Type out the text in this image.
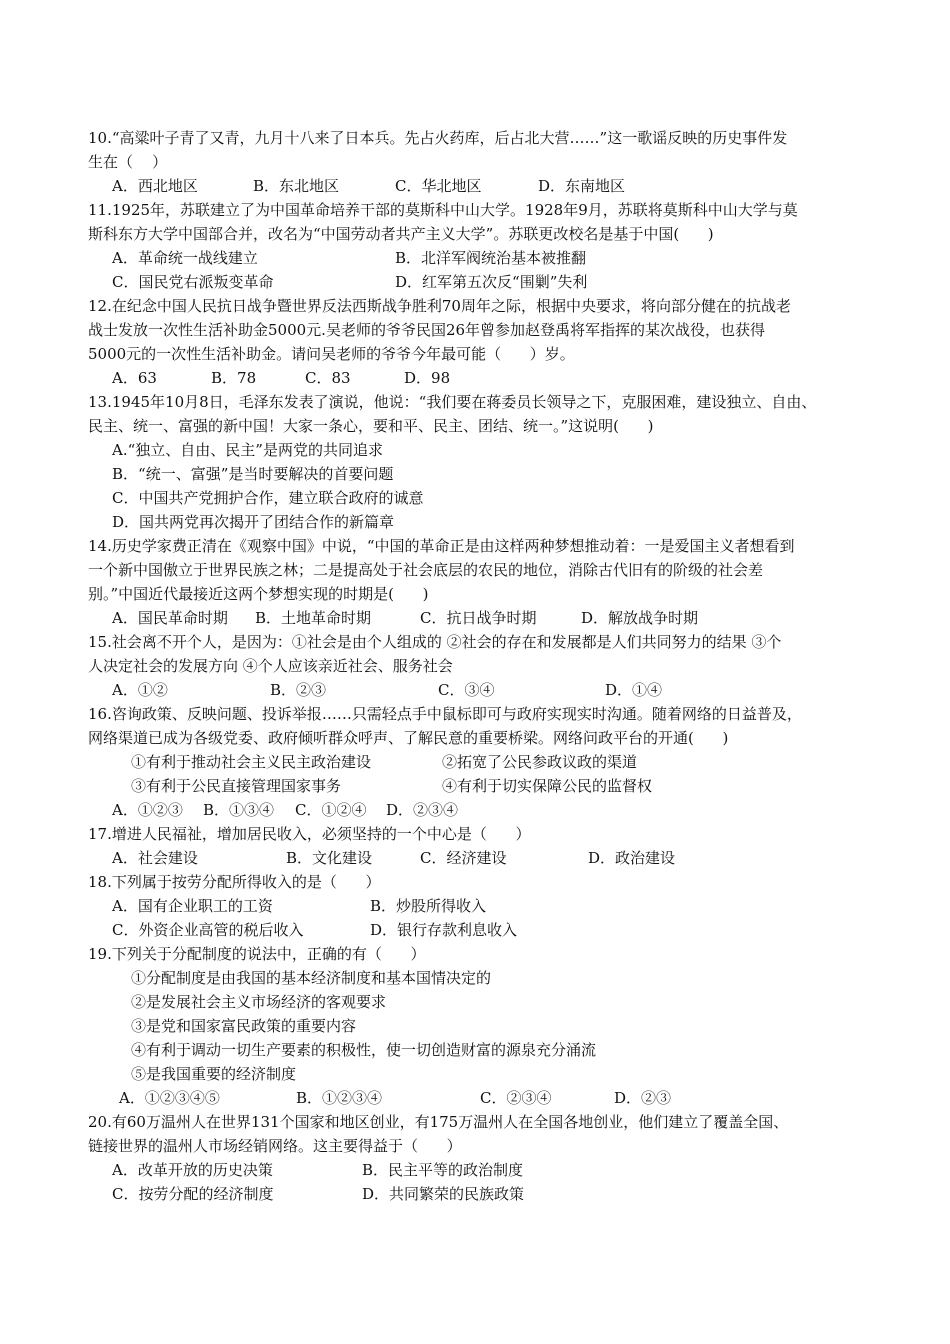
10.“高粱叶子青了又青，九月十八来了日本兵。先占火药库，后占北大营……”这一歌谣反映的历史事件发
生在（    ）
A．西北地区	B．东北地区	C．华北地区	D．东南地区
11.1925年，苏联建立了为中国革命培养干部的莫斯科中山大学。1928年9月，苏联将莫斯科中山大学与莫
斯科东方大学中国部合并，改名为“中国劳动者共产主义大学”。苏联更改校名是基于中国(      )
A．革命统一战线建立	B．北洋军阀统治基本被推翻
C．国民党右派叛变革命	D．红军第五次反“围剿”失利
12.在纪念中国人民抗日战争暨世界反法西斯战争胜利70周年之际，根据中央要求，将向部分健在的抗战老
战士发放一次性生活补助金5000元.吴老师的爷爷民国26年曾参加赵登禹将军指挥的某次战役，也获得
5000元的一次性生活补助金。请问吴老师的爷爷今年最可能（      ）岁。
A．63	B．78	C．83	D．98
13.1945年10月8日，毛泽东发表了演说，他说：“我们要在蒋委员长领导之下，克服困难，建设独立、自由、
民主、统一、富强的新中国！大家一条心，要和平、民主、团结、统一。”这说明(      )
A.“独立、自由、民主”是两党的共同追求
B．“统一、富强”是当时要解决的首要问题
C．中国共产党拥护合作，建立联合政府的诚意
D．国共两党再次揭开了团结合作的新篇章
14.历史学家费正清在《观察中国》中说，“中国的革命正是由这样两种梦想推动着：一是爱国主义者想看到
一个新中国傲立于世界民族之林；二是提高处于社会底层的农民的地位，消除古代旧有的阶级的社会差
别。”中国近代最接近这两个梦想实现的时期是(      )
A．国民革命时期 B．土地革命时期	C．抗日战争时期	D．解放战争时期
15.社会离不开个人，是因为：①社会是由个人组成的 ②社会的存在和发展都是人们共同努力的结果 ③个
人决定社会的发展方向 ④个人应该亲近社会、服务社会
A．①②	B．②③	C．③④	D．①④
16.咨询政策、反映问题、投诉举报……只需轻点手中鼠标即可与政府实现实时沟通。随着网络的日益普及，
网络渠道已成为各级党委、政府倾听群众呼声、了解民意的重要桥梁。网络问政平台的开通(      )
①有利于推动社会主义民主政治建设	②拓宽了公民参政议政的渠道
③有利于公民直接管理国家事务	④有利于切实保障公民的监督权
A．①②③ B．①③④ C．①②④ D．②③④
17.增进人民福祉，增加居民收入，必须坚持的一个中心是（      ）
A．社会建设	B．文化建设	C．经济建设	D．政治建设
18.下列属于按劳分配所得收入的是（      ）
A．国有企业职工的工资	B．炒股所得收入
C．外资企业高管的税后收入	D．银行存款利息收入
19.下列关于分配制度的说法中，正确的有（      ）
①分配制度是由我国的基本经济制度和基本国情决定的
②是发展社会主义市场经济的客观要求
③是党和国家富民政策的重要内容
④有利于调动一切生产要素的积极性，使一切创造财富的源泉充分涌流
⑤是我国重要的经济制度
A．①②③④⑤	B．①②③④	C．②③④	D．②③
20.有60万温州人在世界131个国家和地区创业，有175万温州人在全国各地创业，他们建立了覆盖全国、
链接世界的温州人市场经销网络。这主要得益于（      ）
A．改革开放的历史决策	B．民主平等的政治制度
C．按劳分配的经济制度	D．共同繁荣的民族政策
